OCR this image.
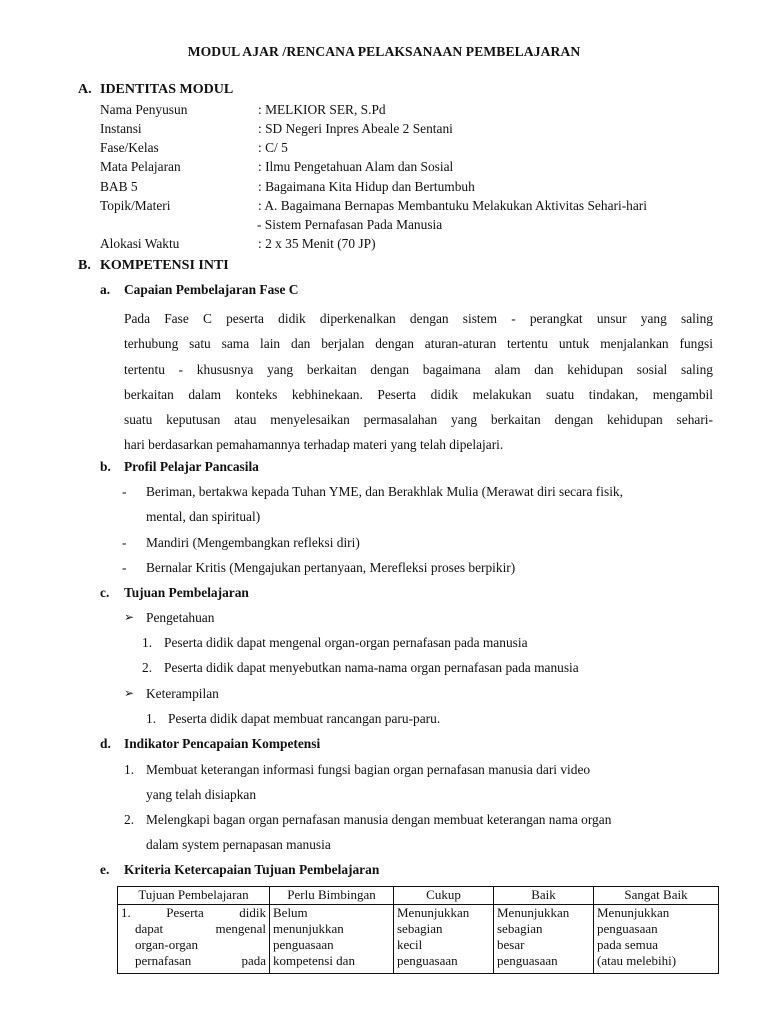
MODUL AJAR /RENCANA PELAKSANAAN PEMBELAJARAN
A. IDENTITAS MODUL
Nama Penyusun	: MELKIOR SER, S.Pd
Instansi	: SD Negeri Inpres Abeale 2 Sentani
Fase/Kelas	: C/ 5
Mata Pelajaran	: Ilmu Pengetahuan Alam dan Sosial
BAB 5	: Bagaimana Kita Hidup dan Bertumbuh
Topik/Materi	: A. Bagaimana Bernapas Membantuku Melakukan Aktivitas Sehari-hari
- Sistem Pernafasan Pada Manusia
Alokasi Waktu	: 2 x 35 Menit (70 JP)
B. KOMPETENSI INTI
a. Capaian Pembelajaran Fase C
Pada Fase C peserta didik diperkenalkan dengan sistem - perangkat unsur yang saling
terhubung satu sama lain dan berjalan dengan aturan-aturan tertentu untuk menjalankan fungsi
tertentu - khususnya yang berkaitan dengan bagaimana alam dan kehidupan sosial saling
berkaitan dalam konteks kebhinekaan. Peserta didik melakukan suatu tindakan, mengambil
suatu keputusan atau menyelesaikan permasalahan yang berkaitan dengan kehidupan sehari-
hari berdasarkan pemahamannya terhadap materi yang telah dipelajari.
b. Profil Pelajar Pancasila
- Beriman, bertakwa kepada Tuhan YME, dan Berakhlak Mulia (Merawat diri secara fisik,
mental, dan spiritual)
- Mandiri (Mengembangkan refleksi diri)
- Bernalar Kritis (Mengajukan pertanyaan, Merefleksi proses berpikir)
c. Tujuan Pembelajaran
➢ Pengetahuan
1. Peserta didik dapat mengenal organ-organ pernafasan pada manusia
2. Peserta didik dapat menyebutkan nama-nama organ pernafasan pada manusia
➢ Keterampilan
1. Peserta didik dapat membuat rancangan paru-paru.
d. Indikator Pencapaian Kompetensi
1. Membuat keterangan informasi fungsi bagian organ pernafasan manusia dari video
yang telah disiapkan
2. Melengkapi bagan organ pernafasan manusia dengan membuat keterangan nama organ
dalam system pernapasan manusia
e. Kriteria Ketercapaian Tujuan Pembelajaran
Tujuan Pembelajaran	Perlu Bimbingan	Cukup	Baik	Sangat Baik

1. Peserta didik
dapat mengenal
organ-organ
pernafasan pada	Belum
menunjukkan
penguasaan
kompetensi dan	Menunjukkan
sebagian
kecil
penguasaan	Menunjukkan
sebagian
besar
penguasaan	Menunjukkan
penguasaan
pada semua
(atau melebihi)
